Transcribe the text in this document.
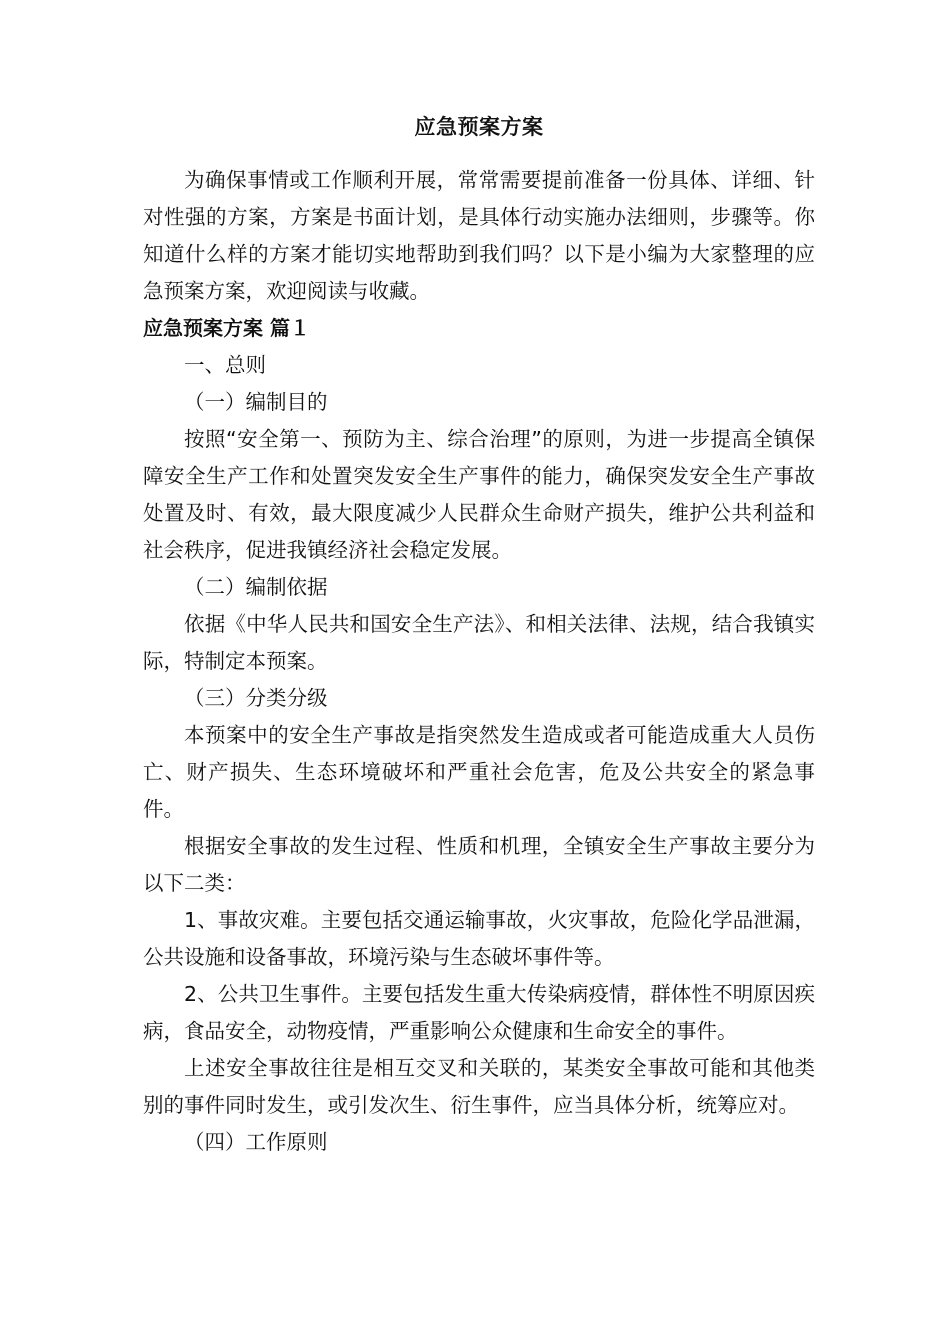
应急预案方案

为确保事情或工作顺利开展，常常需要提前准备一份具体、详细、针对性强的方案，方案是书面计划，是具体行动实施办法细则，步骤等。你知道什么样的方案才能切实地帮助到我们吗？以下是小编为大家整理的应急预案方案，欢迎阅读与收藏。

应急预案方案 篇１

一、总则

（一）编制目的

按照“安全第一、预防为主、综合治理”的原则，为进一步提高全镇保障安全生产工作和处置突发安全生产事件的能力，确保突发安全生产事故处置及时、有效，最大限度减少人民群众生命财产损失，维护公共利益和社会秩序，促进我镇经济社会稳定发展。

（二）编制依据

依据《中华人民共和国安全生产法》、和相关法律、法规，结合我镇实际，特制定本预案。

（三）分类分级

本预案中的安全生产事故是指突然发生造成或者可能造成重大人员伤亡、财产损失、生态环境破坏和严重社会危害，危及公共安全的紧急事件。

根据安全事故的发生过程、性质和机理，全镇安全生产事故主要分为以下二类：

1、事故灾难。主要包括交通运输事故，火灾事故，危险化学品泄漏，公共设施和设备事故，环境污染与生态破坏事件等。

2、公共卫生事件。主要包括发生重大传染病疫情，群体性不明原因疾病，食品安全，动物疫情，严重影响公众健康和生命安全的事件。

上述安全事故往往是相互交叉和关联的，某类安全事故可能和其他类别的事件同时发生，或引发次生、衍生事件，应当具体分析，统筹应对。

（四）工作原则
